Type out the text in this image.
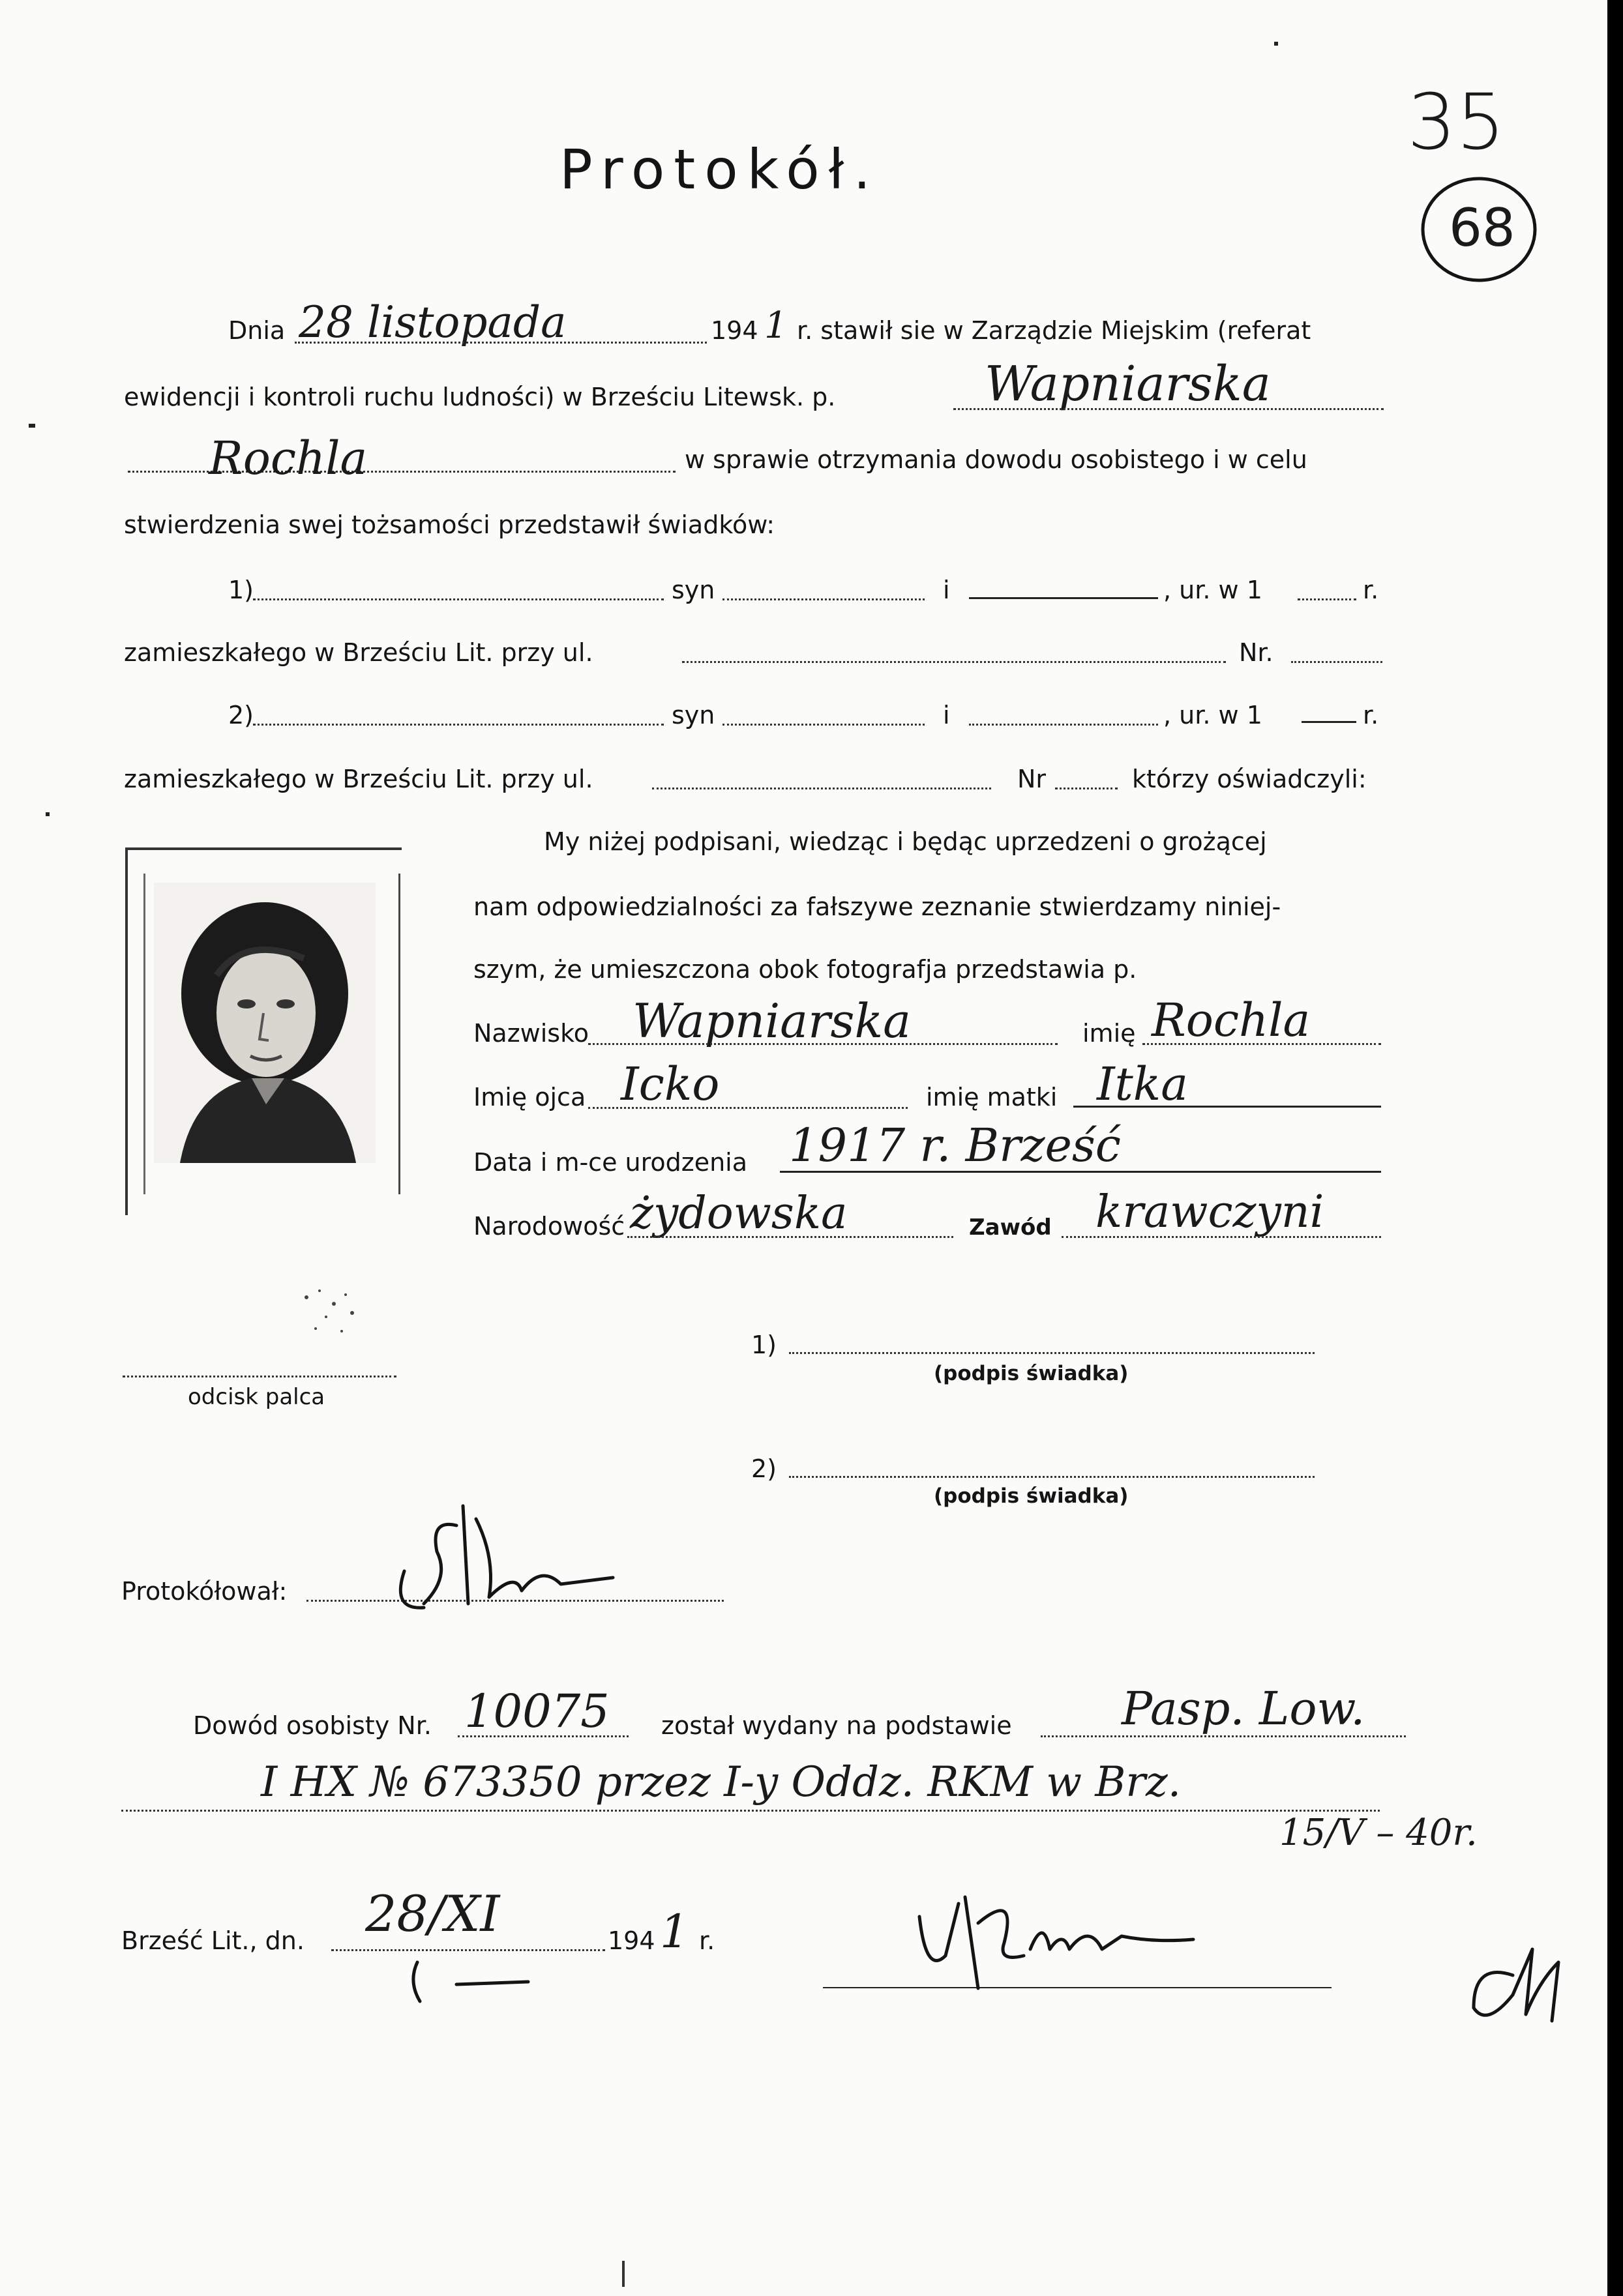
35
68
Protokół.
Dnia 28 listopada	194 1 r. stawił sie w Zarządzie Miejskim (referat
ewidencji i kontroli ruchu ludności) w Brześciu Litewsk. p.	Wapniarska
Rochla	w sprawie otrzymania dowodu osobistego i w celu
stwierdzenia swej tożsamości przedstawił świadków:
1)	syn	i	, ur. w 1	r.
zamieszkałego w Brześciu Lit. przy ul.	Nr.
2)	syn	i	, ur. w 1	r.
zamieszkałego w Brześciu Lit. przy ul.	Nr	którzy oświadczyli:
odcisk palca
My niżej podpisani, wiedząc i będąc uprzedzeni o grożącej
nam odpowiedzialności za fałszywe zeznanie stwierdzamy niniej-
szym, że umieszczona obok fotografja przedstawia p.
Nazwisko Wapniarska	imię Rochla
Imię ojca Icko	imię matki Itka
Data i m-ce urodzenia 1917 r. Brześć
Narodowość żydowska	Zawód krawczyni
1)
(podpis świadka)
2)
(podpis świadka)
Protokółował:
Dowód osobisty Nr. 10075 został wydany na podstawie Pasp. Low.
I HX № 673350 przez I-y Oddz. RKM w Brz.
15/V – 40r.
Brześć Lit., dn. 28/XI	194 1 r.
